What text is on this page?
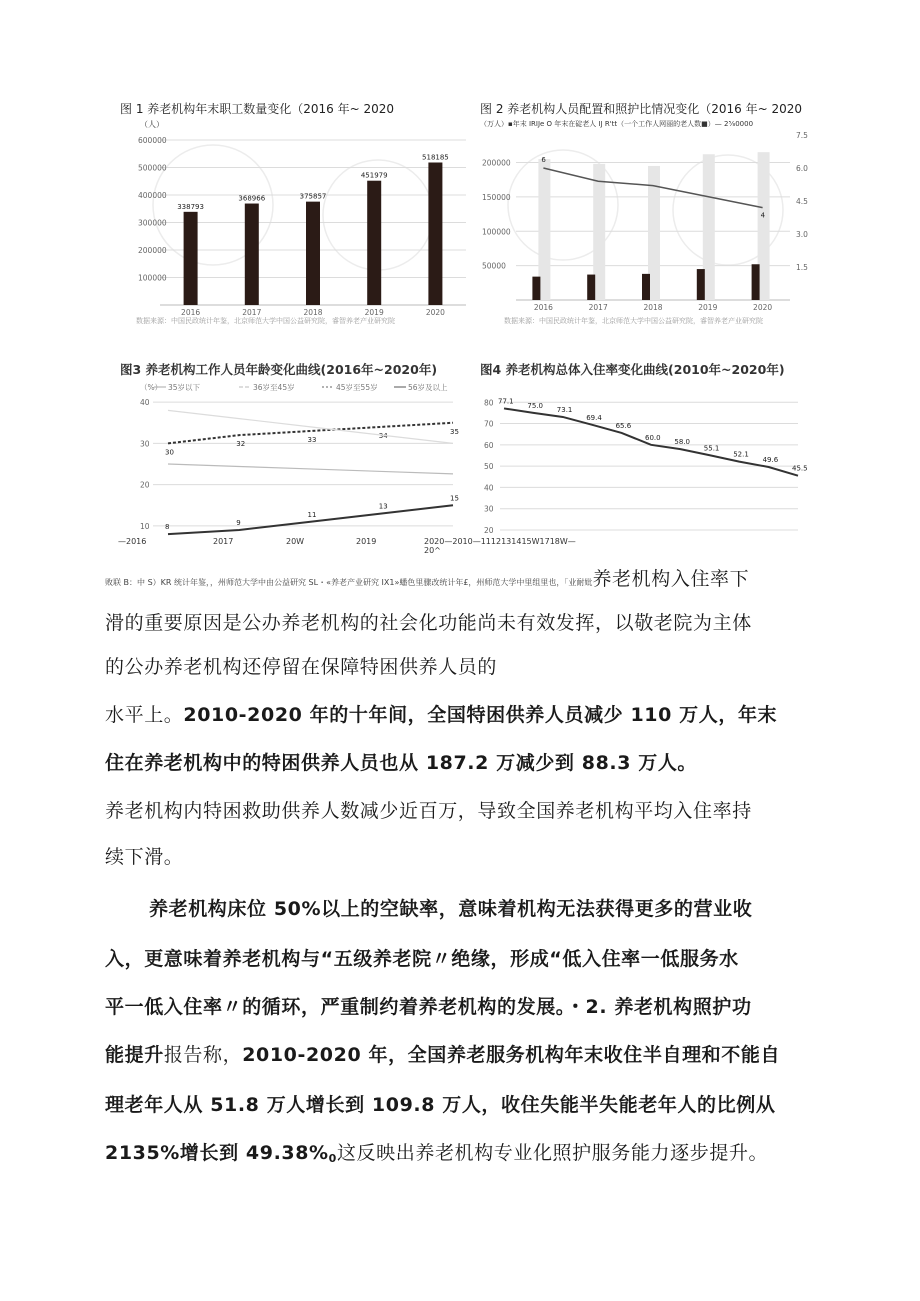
图 1 养老机构年末职工数量变化（2016 年~ 2020
（人）
600000
500000
400000
300000
200000
100000
338793
2016
368966
2017
375857
2018
451979
2019
518185
2020
数据来源：中国民政统计年鉴，北京师范大学中国公益研究院，睿智养老产业研究院
图 2 养老机构人员配置和照护比情况变化（2016 年~ 2020
（万人）▪年末 IRIJe O 年末在碇老人 IJ R'tt（一个工作人网丽的老人数■）— 2⅝0000
200000
150000
100000
50000
7.5
6.0
4.5
3.0
1.5
2016	2017	2018	2019	2020
6
4
数据来源：中国民政统计年鉴，北京师范大学中国公益研究院，睿智养老产业研究院
图3 养老机构工作人员年龄变化曲线(2016年~2020年)
（%） 35岁以下	36岁至45岁	45岁至55岁	56岁及以上
40
30
20
10
30
32
33
34
35
8
9
11
13
15
图4 养老机构总体入住率变化曲线(2010年~2020年)
80
70
60
50
40
30
20
77.1
75.0
73.1
69.4
65.6
60.0
58.0
55.1
52.1
49.6
45.5
—2016	2017	20W	2019	2020—2010—1112131415W1718W—20^
败联 B：中 S）KR 统计年鉴，，州师范大学中由公益研究 SL・«养老产业研究 IX1»蟠色里骤改统计年£，州师范大学中里组里也，「业耐妣养老机构入住率下
滑的重要原因是公办养老机构的社会化功能尚未有效发挥，以敬老院为主体
的公办养老机构还停留在保障特困供养人员的
水平上。2010-2020 年的十年间，全国特困供养人员减少 110 万人，年末
住在养老机构中的特困供养人员也从 187.2 万减少到 88.3 万人。
养老机构内特困救助供养人数减少近百万，导致全国养老机构平均入住率持
续下滑。
养老机构床位 50%以上的空缺率，意味着机构无法获得更多的营业收
入，更意味着养老机构与“五级养老院〃绝缘，形成“低入住率一低服务水
平一低入住率〃的循环，严重制约着养老机构的发展。・2. 养老机构照护功
能提升报告称，2010-2020 年，全国养老服务机构年末收住半自理和不能自
理老年人从 51.8 万人增长到 109.8 万人，收住失能半失能老年人的比例从
2135%增长到 49.38%0这反映出养老机构专业化照护服务能力逐步提升。
